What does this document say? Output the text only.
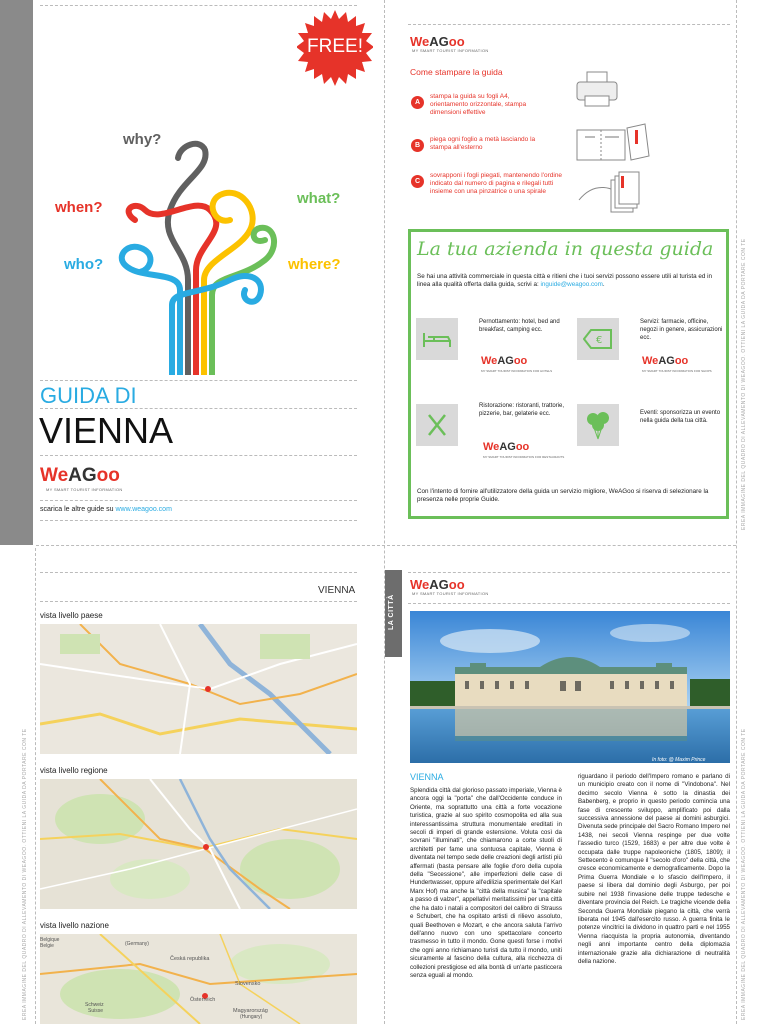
EREA IMMAGINE DEL QUADRO DI ALLEVAMENTO DI WEAGOO. OTTIENI LA GUIDA DA PORTARE CON TE
EREA IMMAGINE DEL QUADRO DI ALLEVAMENTO DI WEAGOO. OTTIENI LA GUIDA DA PORTARE CON TE
EREA IMMAGINE DEL QUADRO DI ALLEVAMENTO DI WEAGOO. OTTIENI LA GUIDA DA PORTARE CON TE
FREE!
why?
when?
what?
who?	where?
GUIDA DI
VIENNA
WeAGoo
MY SMART TOURIST INFORMATION
scarica le altre guide su www.weagoo.com
WeAGoo
MY SMART TOURIST INFORMATION
Come stampare la guida
A
stampa la guida su fogli A4, orientamento orizzontale, stampa dimensioni effettive
B
piega ogni foglio a metà lasciando la stampa all'esterno
C
sovrapponi i fogli piegati, mantenendo l'ordine indicato dal numero di pagina e rilegali tutti insieme con una pinzatrice o una spirale
La tua azienda in questa guida
Se hai una attività commerciale in questa città e ritieni che i tuoi servizi possono essere utili al turista ed in linea alla qualità offerta dalla guida, scrivi a: inguide@weagoo.com.
Pernottamento: hotel, bed and breakfast, camping ecc.
WeAGoo
MY SMART TOURIST INFORMATION FOR HOTELS
€
Servizi: farmacie, officine, negozi in genere, assicurazioni ecc.
WeAGoo
MY SMART TOURIST INFORMATION FOR SHOPS
Ristorazione: ristoranti, trattorie, pizzerie, bar, gelaterie ecc.
WeAGoo
MY SMART TOURIST INFORMATION FOR RESTAURANTS
Eventi: sponsorizza un evento nella guida della tua città.
Con l'intento di fornire all'utilizzatore della guida un servizio migliore, WeAGoo si riserva di selezionare la presenza nelle proprie Guide.
VIENNA
vista livello paese
vista livello regione
vista livello nazione
Belgique
Belgie	(Germany)
Česká republika
Slovensko
Schweiz
Suisse
Österreich
Magyarország
(Hungary)
LA CITTÀ
WeAGoo
MY SMART TOURIST INFORMATION
In foto: @ Maxim Prince
VIENNA
Splendida città dal glorioso passato imperiale, Vienna è ancora oggi la "porta" che dall'Occidente conduce in Oriente, ma soprattutto una città a forte vocazione turistica, grazie al suo spirito cosmopolita ed alla sua interessantissima struttura monumentale ereditati in secoli di imperi di grande estensione. Voluta così da sovrani "illuminati", che chiamarono a corte stuoli di architetti per fame una sontuosa capitale, Vienna è diventata nel tempo sede delle creazioni degli artisti più affermati (basta pensare alle foglie d'oro della cupola della "Secessione", alle imperfezioni delle case di Hundertwasser, oppure all'edilizia sperimentale del Karl Marx Hof) ma anche la "città della musica" la "capitale a passo di valzer", appellativi meritatissimi per una città che ha dato i natali a compositori del calibro di Strauss e Schubert, che ha ospitato artisti di rilievo assoluto, quali Beethoven e Mozart, e che ancora saluta l'arrivo dell'anno nuovo con uno spettacolare concerto trasmesso in tutto il mondo. Gone questi forse i motivi che ogni anno richiamano turisti da tutto il mondo, uniti sicuramente al fascino della cultura, alla ricchezza di collezioni prestigiose ed alla bontà di un'arte pasticcera senza eguali al mondo.
riguardano il periodo dell'Impero romano e parlano di un municipio creato con il nome di "Vindobona". Nel decimo secolo Vienna è sotto la dinastia dei Babenberg, e proprio in questo periodo comincia una fase di crescente sviluppo, amplificato poi dalla successiva annessione del paese ai domini asburgici. Divenuta sede principale del Sacro Romano Impero nel 1438, nei secoli Vienna respinge per due volte l'assedio turco (1529, 1683) e per altre due volte è occupata dalle truppe napoleoniche (1805, 1809); il Settecento è comunque il "secolo d'oro" della città, che cresce economicamente e demograficamente. Dopo la Prima Guerra Mondiale e lo sfascio dell'Impero, il paese si libera dal dominio degli Asburgo, per poi subire nel 1938 l'invasione delle truppe tedesche e diventare provincia del Reich. Le tragiche vicende della Seconda Guerra Mondiale piegano la città, che verrà liberata nel 1945 dall'esercito russo. A guerra finita le potenze vincitrici la dividono in quattro parti e nel 1955 Vienna riacquista la propria autonomia, diventando negli anni importante centro della diplomazia internazionale grazie alla dichiarazione di neutralità della nazione.
